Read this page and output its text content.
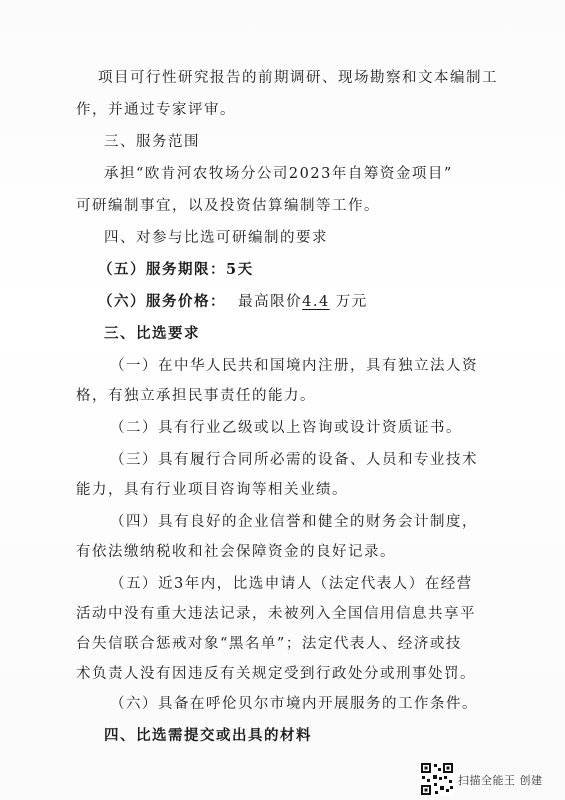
项目可行性研究报告的前期调研、现场勘察和文本编制工
作，并通过专家评审。
三、服务范围
承担“欧肯河农牧场分公司2023年自筹资金项目”
可研编制事宜，以及投资估算编制等工作。
四、对参与比选可研编制的要求
（五）服务期限：5天
（六）服务价格： 最高限价4.4 万元
三、比选要求
（一）在中华人民共和国境内注册，具有独立法人资
格，有独立承担民事责任的能力。
（二）具有行业乙级或以上咨询或设计资质证书。
（三）具有履行合同所必需的设备、人员和专业技术
能力，具有行业项目咨询等相关业绩。
（四）具有良好的企业信誉和健全的财务会计制度，
有依法缴纳税收和社会保障资金的良好记录。
（五）近3年内，比选申请人（法定代表人）在经营
活动中没有重大违法记录，未被列入全国信用信息共享平
台失信联合惩戒对象“黑名单”；法定代表人、经济或技
术负责人没有因违反有关规定受到行政处分或刑事处罚。
（六）具备在呼伦贝尔市境内开展服务的工作条件。
四、比选需提交或出具的材料
扫描全能王 创建
